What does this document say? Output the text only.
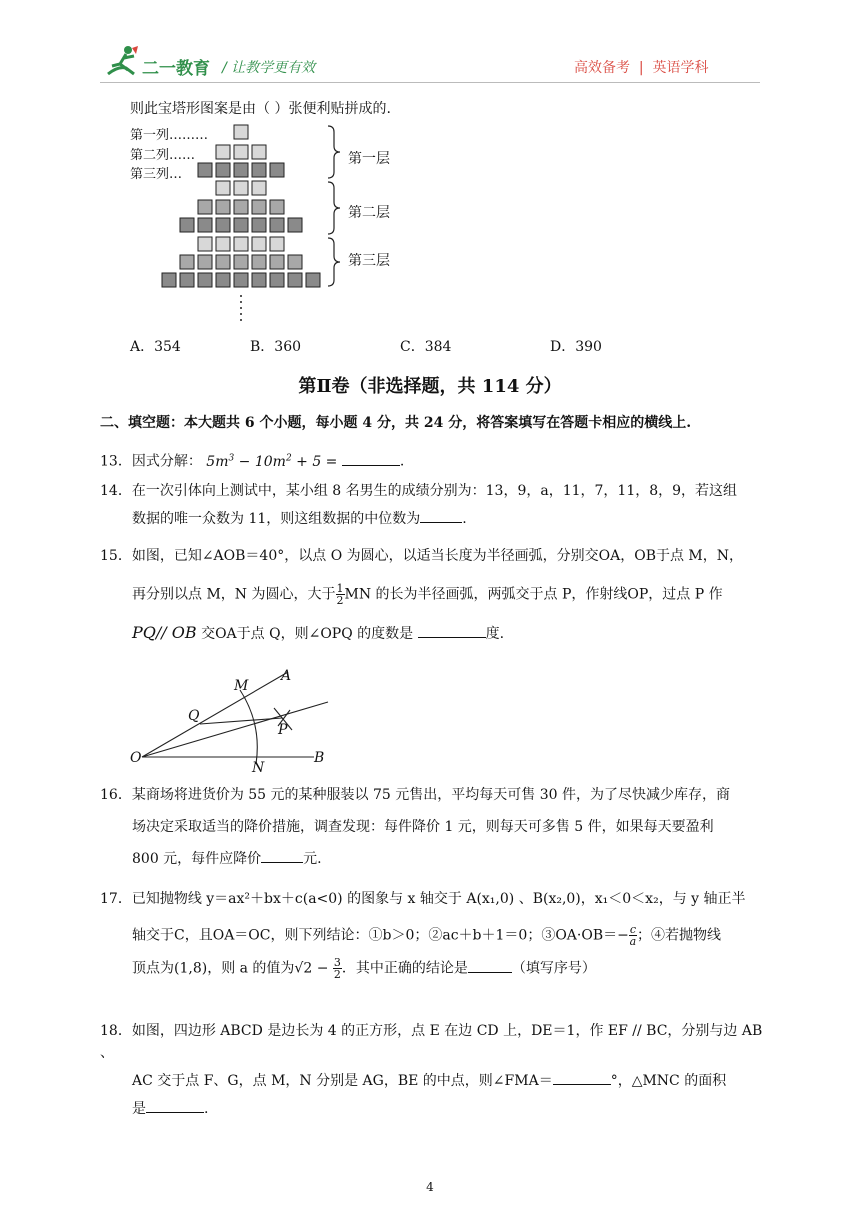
二一教育 / 让教学更有效	高效备考  |  英语学科
则此宝塔形图案是由（ ）张便利贴拼成的.
第一列………
第二列……
第三列…
第一层
第二层
第三层
A．354	B．360	C．384	D．390
第Ⅱ卷（非选择题，共 114 分）
二、填空题：本大题共 6 个小题，每小题 4 分，共 24 分，将答案填写在答题卡相应的横线上.
13．因式分解： $5m^3 - 10m^2 + 5$ =	.
14．在一次引体向上测试中，某小组 8 名男生的成绩分别为：13，9，a，11，7，11，8，9，若这组
数据的唯一众数为 11，则这组数据的中位数为	.
15．如图，已知∠AOB＝40°，以点 O 为圆心，以适当长度为半径画弧，分别交OA，OB于点 M，N，
再分别以点 M，N 为圆心，大于 $\frac{1}{2}$ MN 的长为半径画弧，两弧交于点 P，作射线OP，过点 P 作
PQ// OB 交OA于点 Q，则∠OPQ 的度数是	度.
A
M
Q
P
O
N
B
16．某商场将进货价为 55 元的某种服装以 75 元售出，平均每天可售 30 件，为了尽快减少库存，商
场决定采取适当的降价措施，调查发现：每件降价 1 元，则每天可多售 5 件，如果每天要盈利
800 元，每件应降价	元.
17．已知抛物线 y＝ax²＋bx＋c(a<0) 的图象与 x 轴交于 A(x₁,0) 、B(x₂,0)，x₁＜0＜x₂，与 y 轴正半
轴交于C，且OA＝OC，则下列结论：①b＞0；②ac＋b＋1＝0；③OA·OB＝− $\frac{c}{a}$ ；④若抛物线
顶点为(1,8)，则 a 的值为$√2 - \frac{3}{2}$ ．其中正确的结论是	（填写序号）
18．如图，四边形 ABCD 是边长为 4 的正方形，点 E 在边 CD 上，DE＝1，作 EF // BC，分别与边 AB 、
AC 交于点 F、G，点 M，N 分别是 AG，BE 的中点，则∠FMA＝	°，△MNC 的面积
是	.
4
